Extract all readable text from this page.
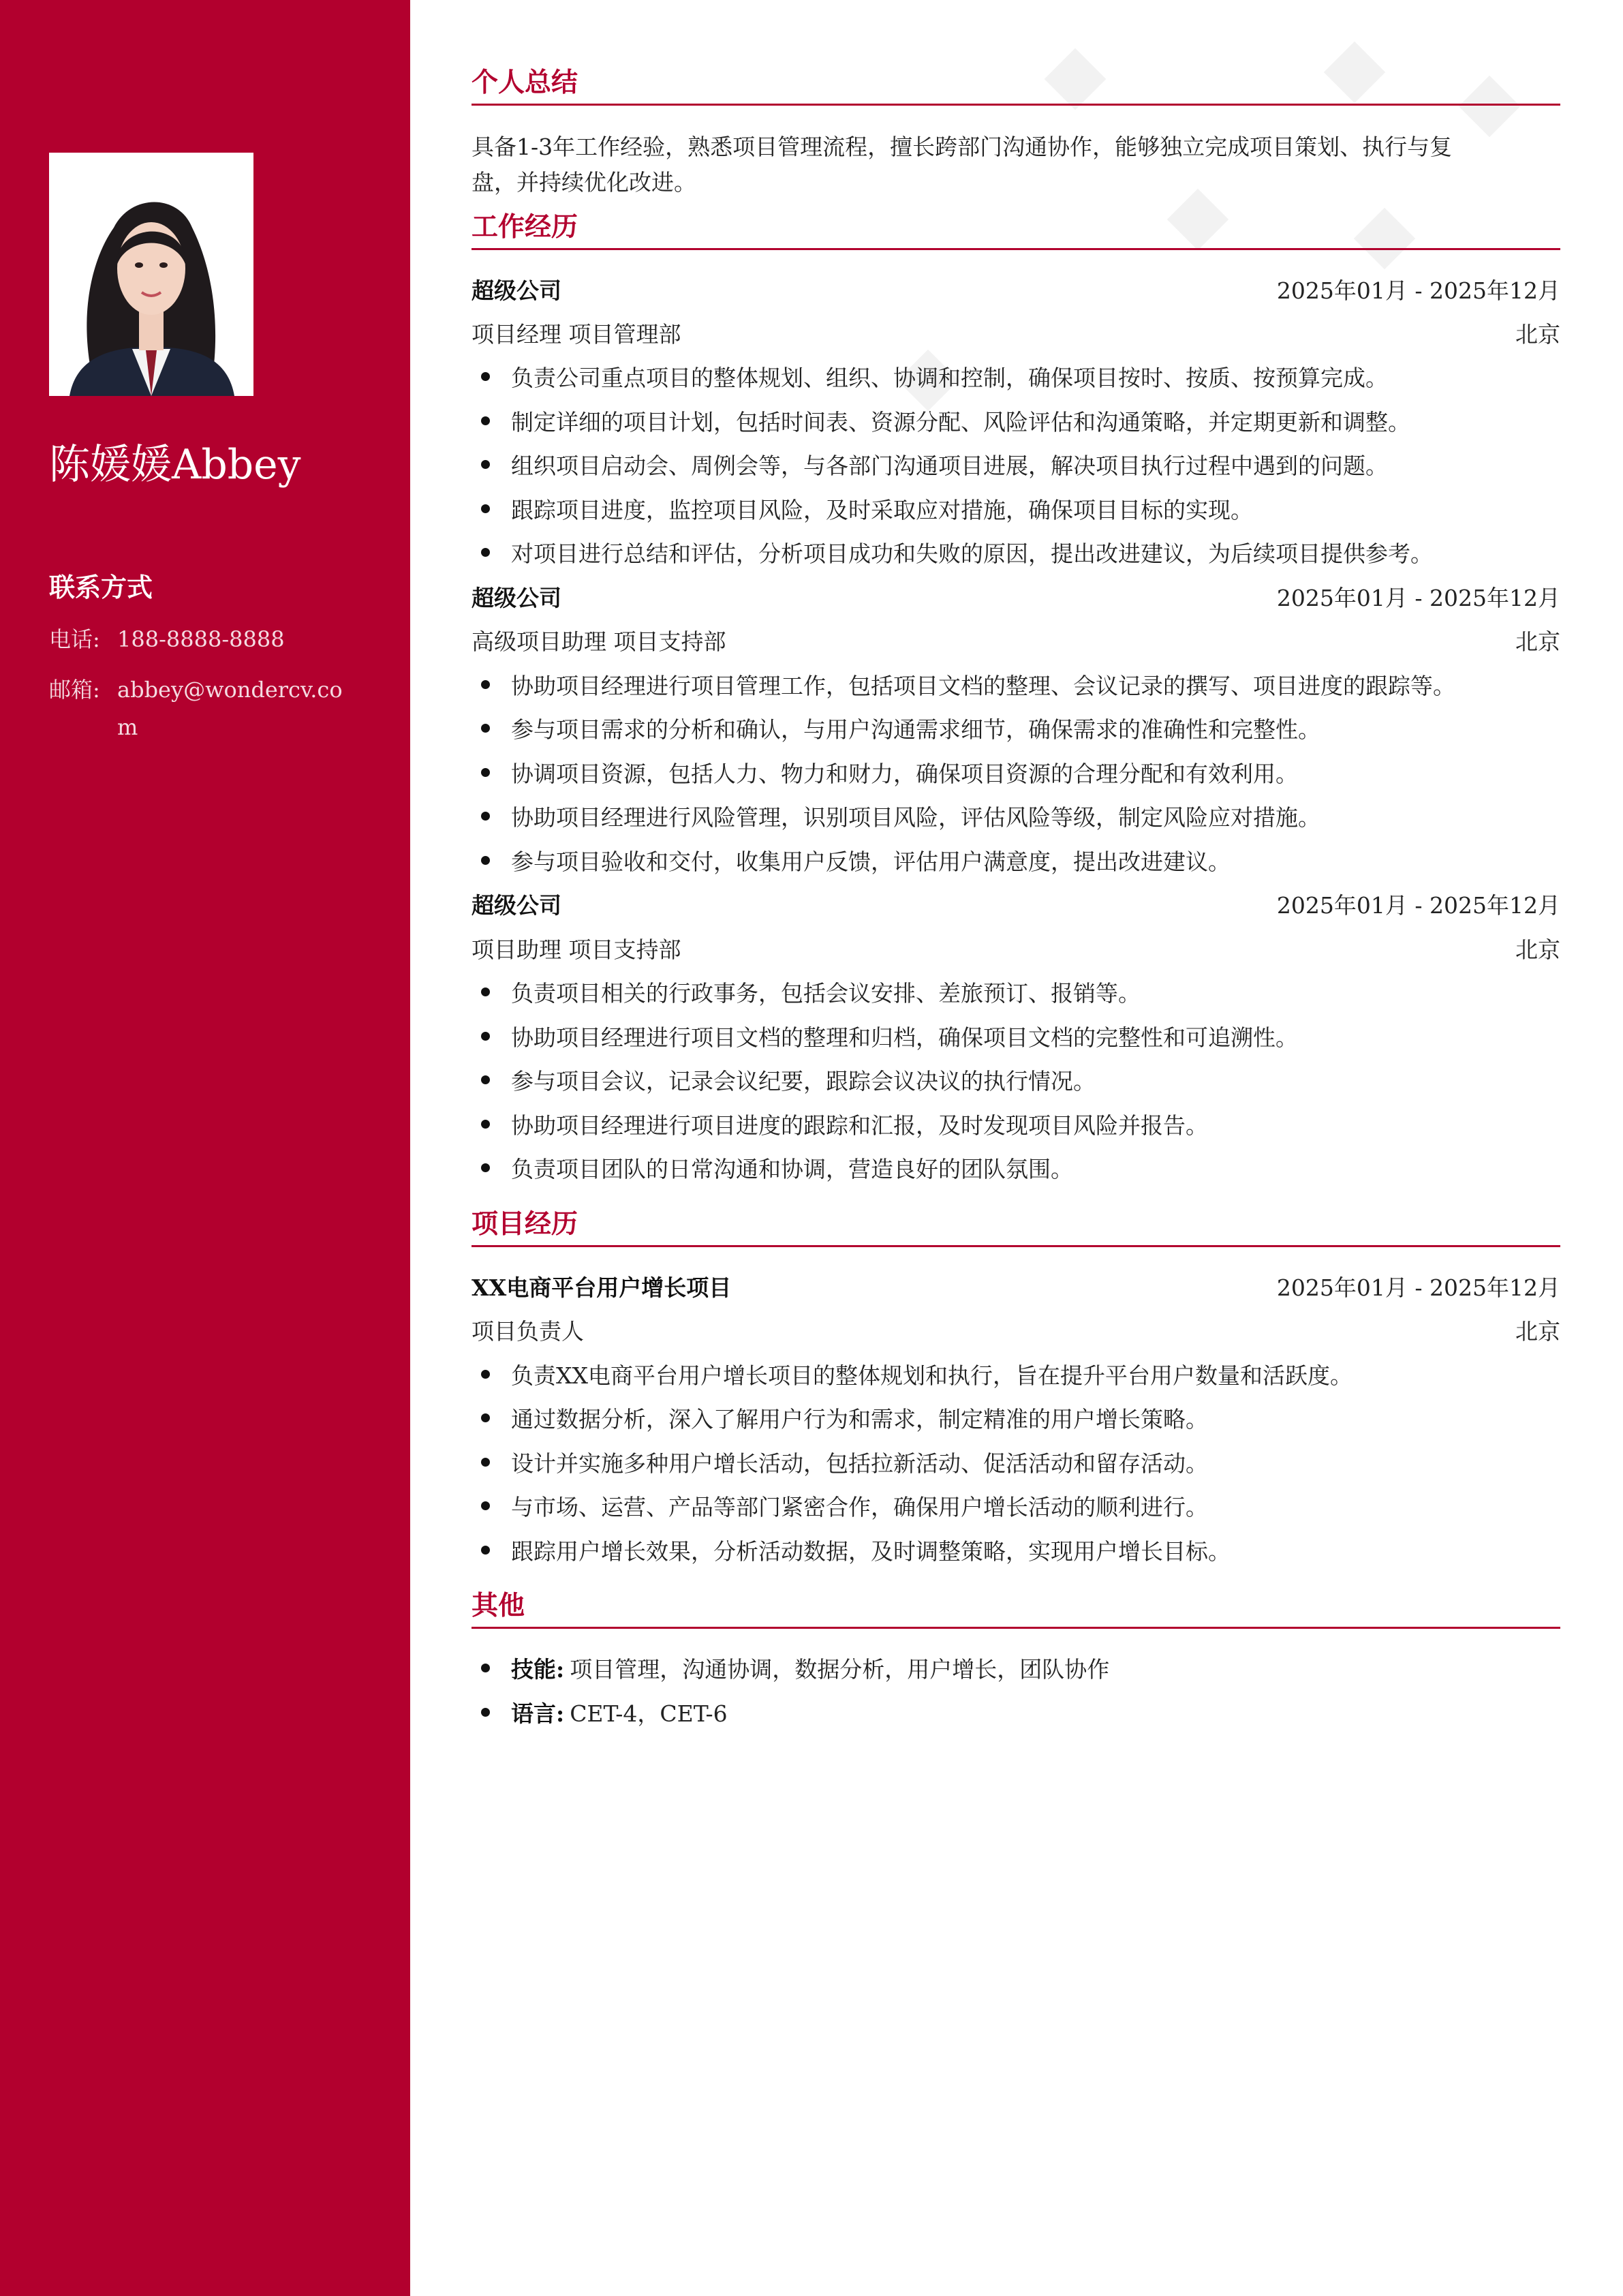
陈媛媛Abbey
联系方式
电话: 188-8888-8888
邮箱: abbey@wondercv.com
个人总结
具备1-3年工作经验，熟悉项目管理流程，擅长跨部门沟通协作，能够独立完成项目策划、执行与复
盘，并持续优化改进。
工作经历
超级公司	2025年01月 - 2025年12月
项目经理 项目管理部	北京
负责公司重点项目的整体规划、组织、协调和控制，确保项目按时、按质、按预算完成。
制定详细的项目计划，包括时间表、资源分配、风险评估和沟通策略，并定期更新和调整。
组织项目启动会、周例会等，与各部门沟通项目进展，解决项目执行过程中遇到的问题。
跟踪项目进度，监控项目风险，及时采取应对措施，确保项目目标的实现。
对项目进行总结和评估，分析项目成功和失败的原因，提出改进建议，为后续项目提供参考。
超级公司	2025年01月 - 2025年12月
高级项目助理 项目支持部	北京
协助项目经理进行项目管理工作，包括项目文档的整理、会议记录的撰写、项目进度的跟踪等。
参与项目需求的分析和确认，与用户沟通需求细节，确保需求的准确性和完整性。
协调项目资源，包括人力、物力和财力，确保项目资源的合理分配和有效利用。
协助项目经理进行风险管理，识别项目风险，评估风险等级，制定风险应对措施。
参与项目验收和交付，收集用户反馈，评估用户满意度，提出改进建议。
超级公司	2025年01月 - 2025年12月
项目助理 项目支持部	北京
负责项目相关的行政事务，包括会议安排、差旅预订、报销等。
协助项目经理进行项目文档的整理和归档，确保项目文档的完整性和可追溯性。
参与项目会议，记录会议纪要，跟踪会议决议的执行情况。
协助项目经理进行项目进度的跟踪和汇报，及时发现项目风险并报告。
负责项目团队的日常沟通和协调，营造良好的团队氛围。
项目经历
XX电商平台用户增长项目	2025年01月 - 2025年12月
项目负责人	北京
负责XX电商平台用户增长项目的整体规划和执行，旨在提升平台用户数量和活跃度。
通过数据分析，深入了解用户行为和需求，制定精准的用户增长策略。
设计并实施多种用户增长活动，包括拉新活动、促活活动和留存活动。
与市场、运营、产品等部门紧密合作，确保用户增长活动的顺利进行。
跟踪用户增长效果，分析活动数据，及时调整策略，实现用户增长目标。
其他
技能: 项目管理，沟通协调，数据分析，用户增长，团队协作
语言: CET-4，CET-6
